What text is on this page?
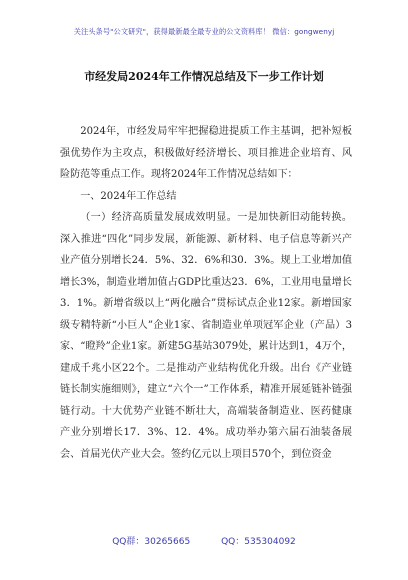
关注头条号"公文研究"，获得最新最全最专业的公文资料库！ 微信：gongwenyj
市经发局2024年工作情况总结及下一步工作计划

2024年，市经发局牢牢把握稳进提质工作主基调，把补短板强优势作为主攻点，积极做好经济增长、项目推进企业培育、风险防范等重点工作。现将2024年工作情况总结如下：

一、2024年工作总结

（一）经济高质量发展成效明显。一是加快新旧动能转换。深入推进“四化”同步发展，新能源、新材料、电子信息等新兴产业产值分别增长24．5%、32．6%和30．3%。规上工业增加值增长3%，制造业增加值占GDP比重达23．6%，工业用电量增长3．1%。新增省级以上“两化融合”贯标试点企业12家。新增国家级专精特新“小巨人”企业1家、省制造业单项冠军企业（产品）3家、“瞪羚”企业1家。新建5G基站3079处，累计达到1，4万个，建成千兆小区22个。二是推动产业结构优化升级。出台《产业链链长制实施细则》，建立“六个一”工作体系，精准开展延链补链强链行动。十大优势产业链不断壮大，高端装备制造业、医药健康产业分别增长17．3%、12．4%。成功举办第六届石油装备展会、首届光伏产业大会。签约亿元以上项目570个，到位资金

QQ群：30265665	QQ：535304092
